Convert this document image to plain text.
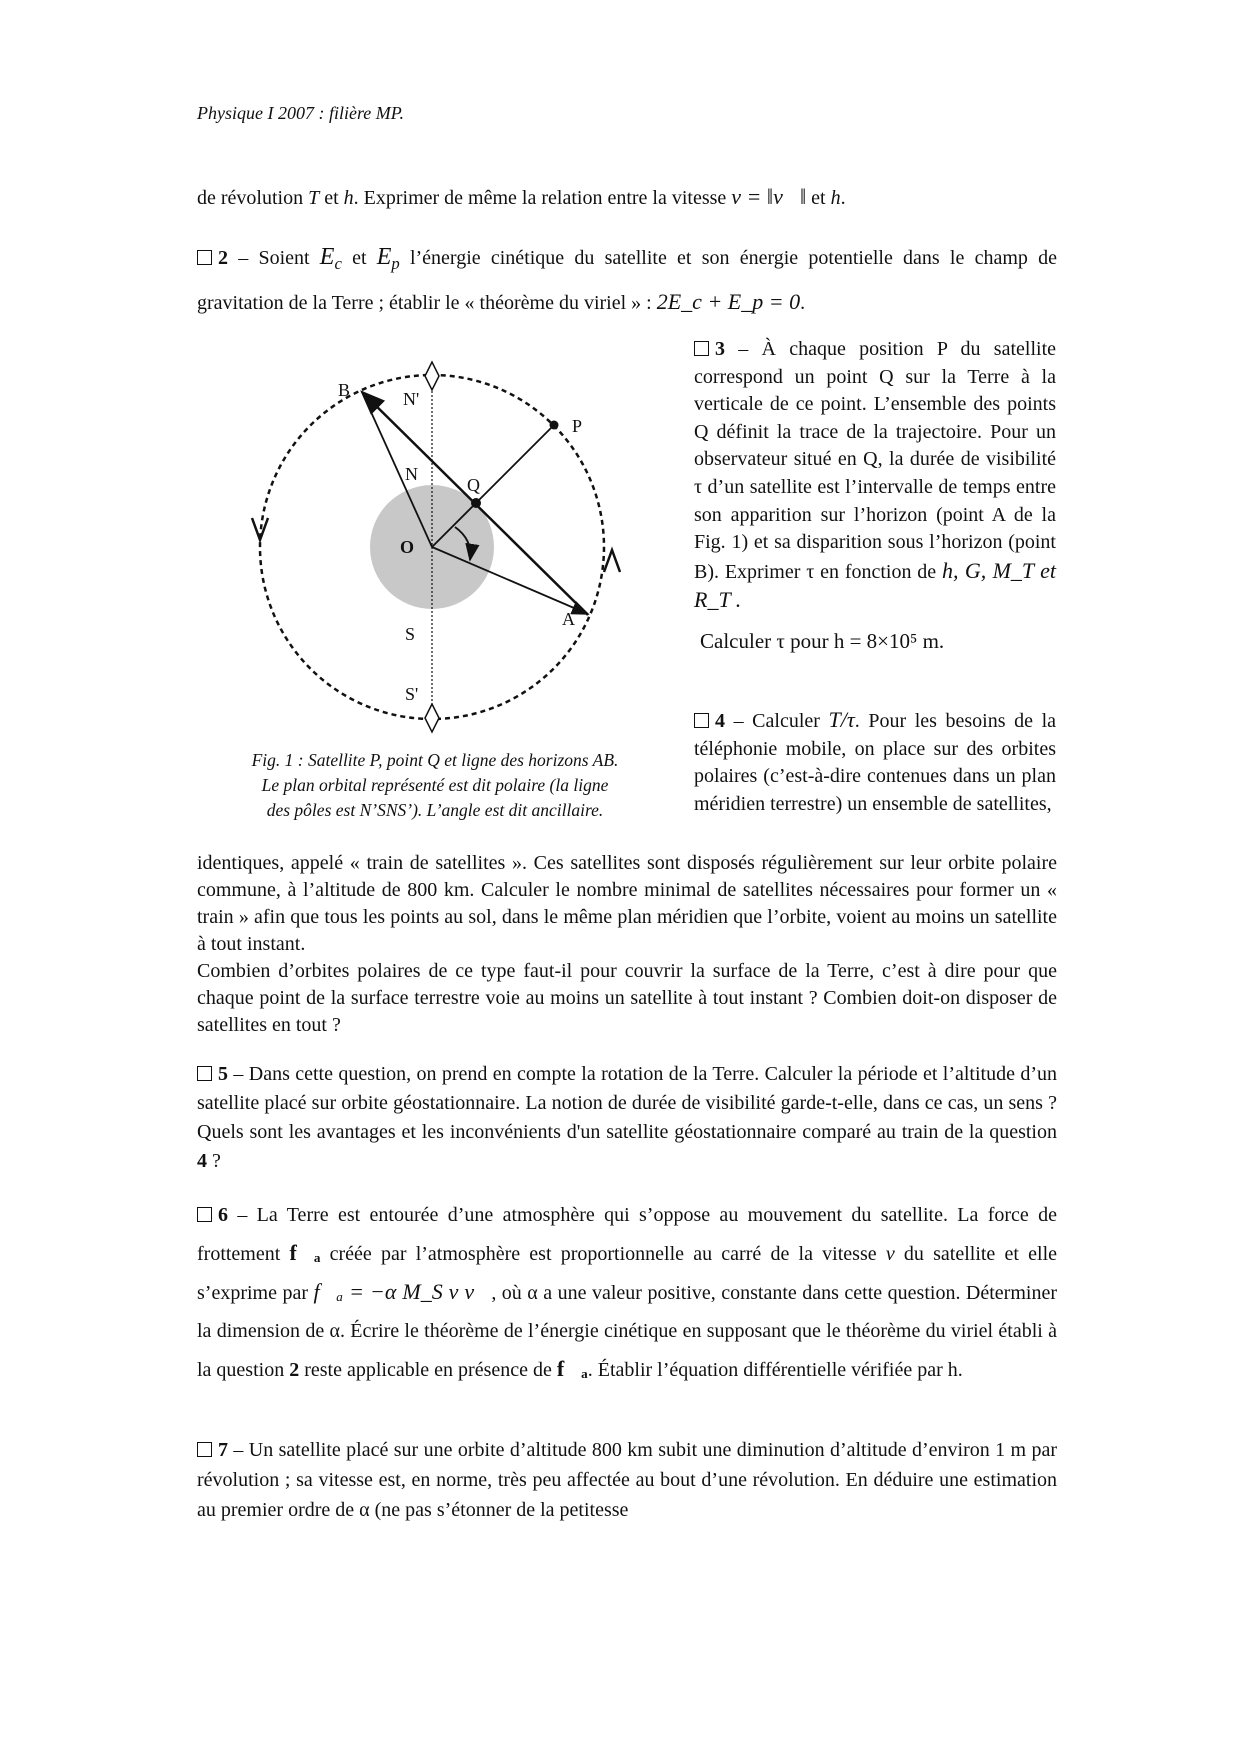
Physique I 2007 : filière MP.
de révolution T et h. Exprimer de même la relation entre la vitesse v = ‖v⃗‖ et h.
2 – Soient $E_c$ et $E_p$ l’énergie cinétique du satellite et son énergie potentielle dans le champ de gravitation de la Terre ; établir le « théorème du viriel » : 2E_c + E_p = 0.
3 – À chaque position P du satellite correspond un point Q sur la Terre à la verticale de ce point. L’ensemble des points Q définit la trace de la trajectoire. Pour un observateur situé en Q, la durée de visibilité τ d’un satellite est l’intervalle de temps entre son apparition sur l’horizon (point A de la Fig. 1) et sa disparition sous l’horizon (point B). Exprimer τ en fonction de h, G, M_T et R_T .
Calculer τ pour h = 8×10⁵ m.
4 – Calculer T/τ. Pour les besoins de la téléphonie mobile, on place sur des orbites polaires (c’est-à-dire contenues dans un plan méridien terrestre) un ensemble de satellites,
identiques, appelé « train de satellites ». Ces satellites sont disposés régulièrement sur leur orbite polaire commune, à l’altitude de 800 km. Calculer le nombre minimal de satellites nécessaires pour former un « train » afin que tous les points au sol, dans le même plan méridien que l’orbite, voient au moins un satellite à tout instant.
Combien d’orbites polaires de ce type faut-il pour couvrir la surface de la Terre, c’est à dire pour que chaque point de la surface terrestre voie au moins un satellite à tout instant ? Combien doit-on disposer de satellites en tout ?
5 – Dans cette question, on prend en compte la rotation de la Terre. Calculer la période et l’altitude d’un satellite placé sur orbite géostationnaire. La notion de durée de visibilité garde-t-elle, dans ce cas, un sens ? Quels sont les avantages et les inconvénients d'un satellite géostationnaire comparé au train de la question 4 ?
6 – La Terre est entourée d’une atmosphère qui s’oppose au mouvement du satellite. La force de frottement f⃗ₐ créée par l’atmosphère est proportionnelle au carré de la vitesse v du satellite et elle s’exprime par f⃗ₐ = −α M_S v v⃗, où α a une valeur positive, constante dans cette question. Déterminer la dimension de α. Écrire le théorème de l’énergie cinétique en supposant que le théorème du viriel établi à la question 2 reste applicable en présence de f⃗ₐ. Établir l’équation différentielle vérifiée par h.
7 – Un satellite placé sur une orbite d’altitude 800 km subit une diminution d’altitude d’environ 1 m par révolution ; sa vitesse est, en norme, très peu affectée au bout d’une révolution. En déduire une estimation au premier ordre de α (ne pas s’étonner de la petitesse
B	N'
P
N
Q
O
A
S
S'
Fig. 1 : Satellite P, point Q et ligne des horizons AB.
Le plan orbital représenté est dit polaire (la ligne
des pôles est N’SNS’). L’angle est dit ancillaire.
